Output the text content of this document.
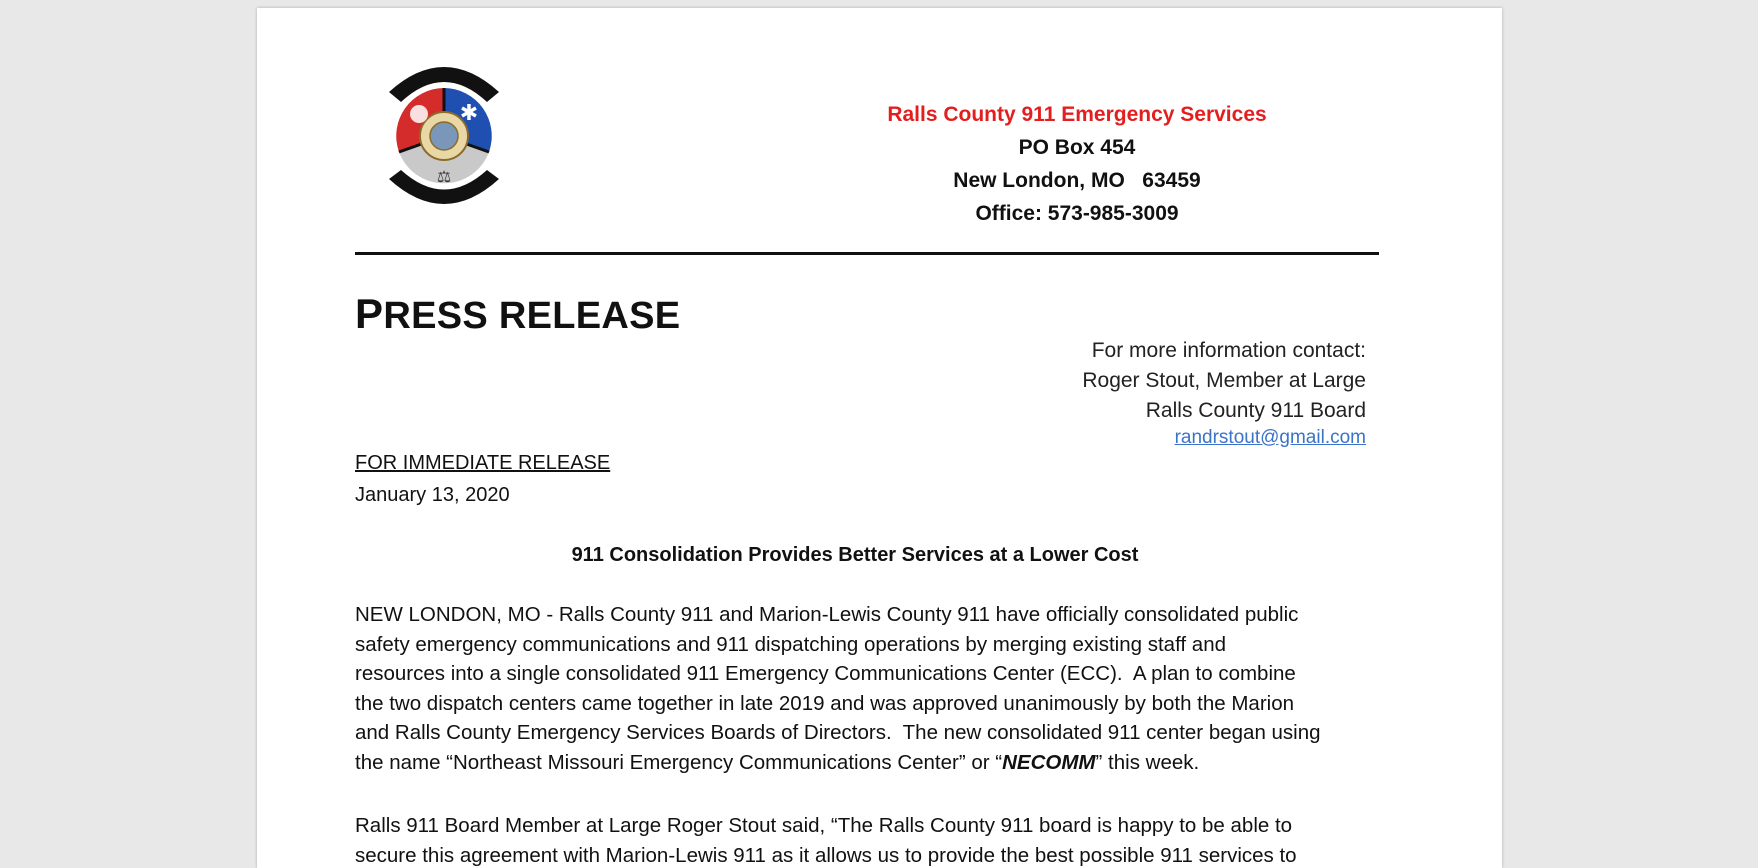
✱
⚖
RALLS COUNTY
911 EMERGENCY SERVICES
Ralls County 911 Emergency Services
PO Box 454
New London, MO   63459
Office: 573-985-3009
PRESS RELEASE
For more information contact:
Roger Stout, Member at Large
Ralls County 911 Board
randrstout@gmail.com
FOR IMMEDIATE RELEASE
January 13, 2020
911 Consolidation Provides Better Services at a Lower Cost
NEW LONDON, MO - Ralls County 911 and Marion-Lewis County 911 have officially consolidated public
safety emergency communications and 911 dispatching operations by merging existing staff and
resources into a single consolidated 911 Emergency Communications Center (ECC).  A plan to combine
the two dispatch centers came together in late 2019 and was approved unanimously by both the Marion
and Ralls County Emergency Services Boards of Directors.  The new consolidated 911 center began using
the name “Northeast Missouri Emergency Communications Center” or “NECOMM” this week.
Ralls 911 Board Member at Large Roger Stout said, “The Ralls County 911 board is happy to be able to
secure this agreement with Marion-Lewis 911 as it allows us to provide the best possible 911 services to
